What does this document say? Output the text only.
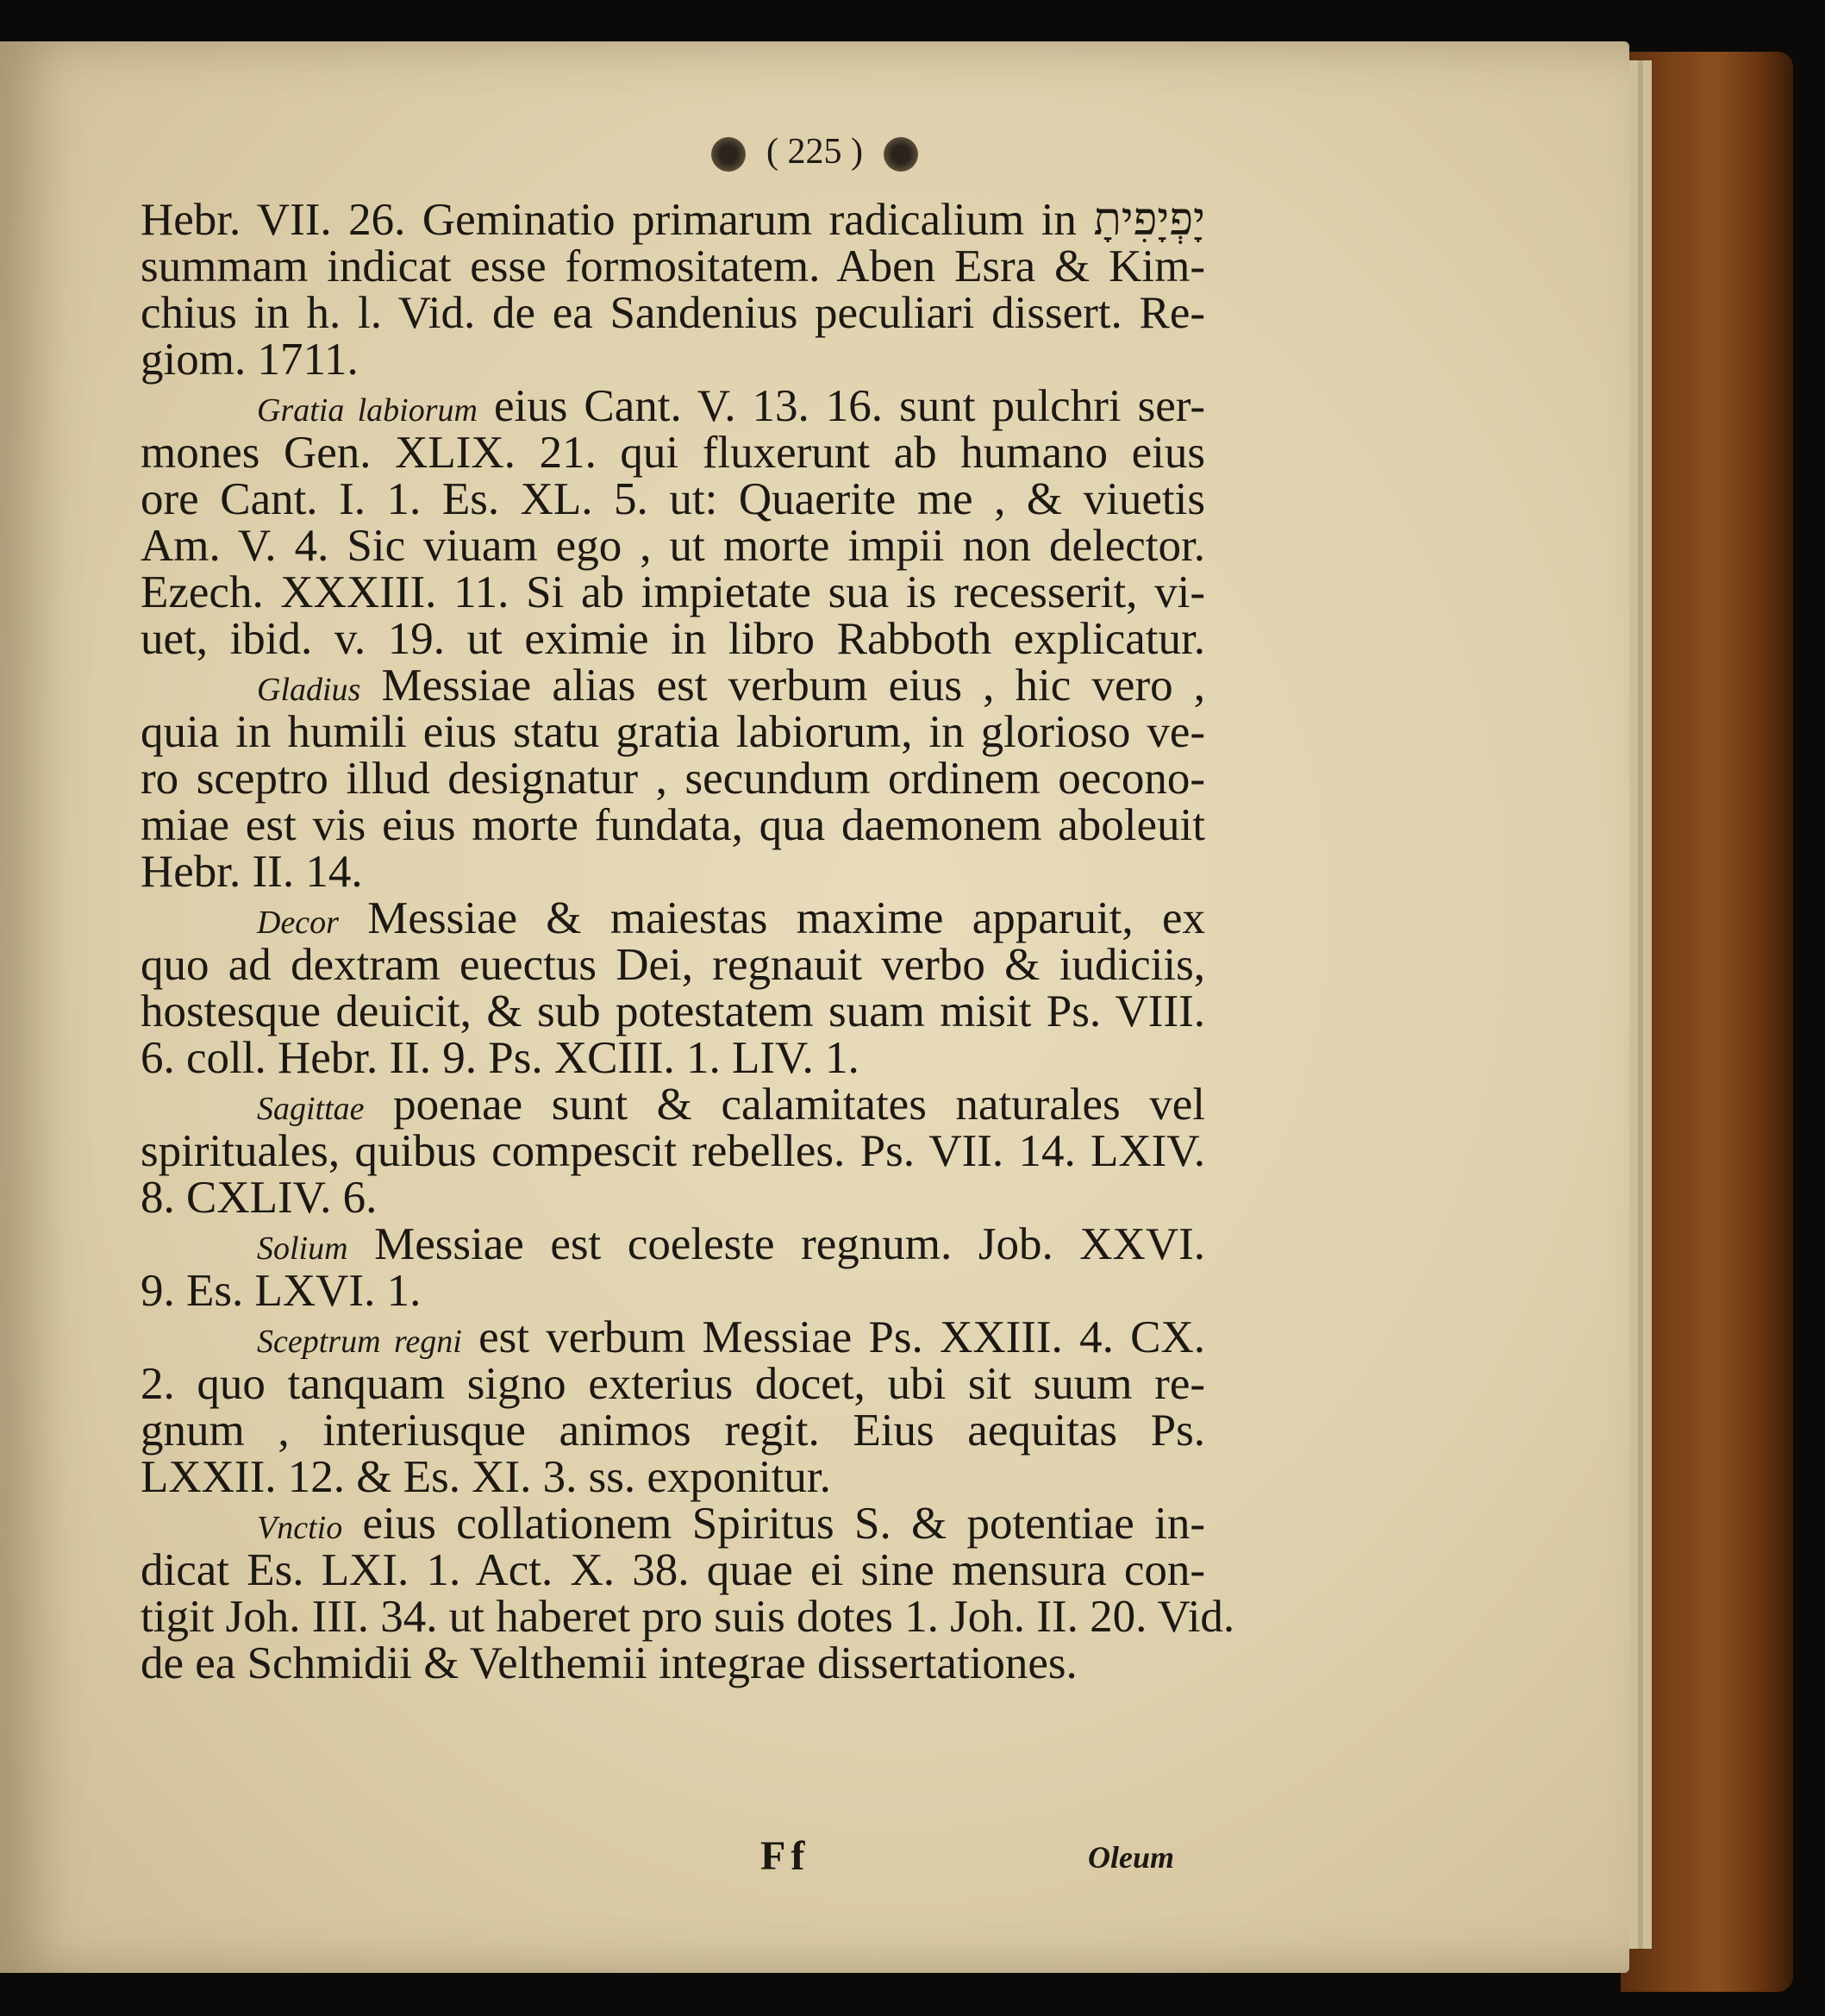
( 225 )
Hebr. VII. 26. Geminatio primarum radicalium in יָפְיָפִיתָ
summam indicat esse formositatem. Aben Esra & Kim-
chius in h. l. Vid. de ea Sandenius peculiari dissert. Re-
giom. 1711.
Gratia labiorum eius Cant. V. 13. 16. sunt pulchri ser-
mones Gen. XLIX. 21. qui fluxerunt ab humano eius
ore Cant. I. 1. Es. XL. 5. ut: Quaerite me , & viuetis
Am. V. 4. Sic viuam ego , ut morte impii non delector.
Ezech. XXXIII. 11. Si ab impietate sua is recesserit, vi-
uet, ibid. v. 19. ut eximie in libro Rabboth explicatur.
Gladius Messiae alias est verbum eius , hic vero ,
quia in humili eius statu gratia labiorum, in glorioso ve-
ro sceptro illud designatur , secundum ordinem oecono-
miae est vis eius morte fundata, qua daemonem aboleuit
Hebr. II. 14.
Decor Messiae & maiestas maxime apparuit, ex
quo ad dextram euectus Dei, regnauit verbo & iudiciis,
hostesque deuicit, & sub potestatem suam misit Ps. VIII.
6. coll. Hebr. II. 9. Ps. XCIII. 1. LIV. 1.
Sagittae poenae sunt & calamitates naturales vel
spirituales, quibus compescit rebelles. Ps. VII. 14. LXIV.
8. CXLIV. 6.
Solium Messiae est coeleste regnum. Job. XXVI.
9. Es. LXVI. 1.
Sceptrum regni est verbum Messiae Ps. XXIII. 4. CX.
2. quo tanquam signo exterius docet, ubi sit suum re-
gnum , interiusque animos regit. Eius aequitas Ps.
LXXII. 12. & Es. XI. 3. ss. exponitur.
Vnctio eius collationem Spiritus S. & potentiae in-
dicat Es. LXI. 1. Act. X. 38. quae ei sine mensura con-
tigit Joh. III. 34. ut haberet pro suis dotes 1. Joh. II. 20. Vid.
de ea Schmidii & Velthemii integrae dissertationes.
Ff	Oleum
